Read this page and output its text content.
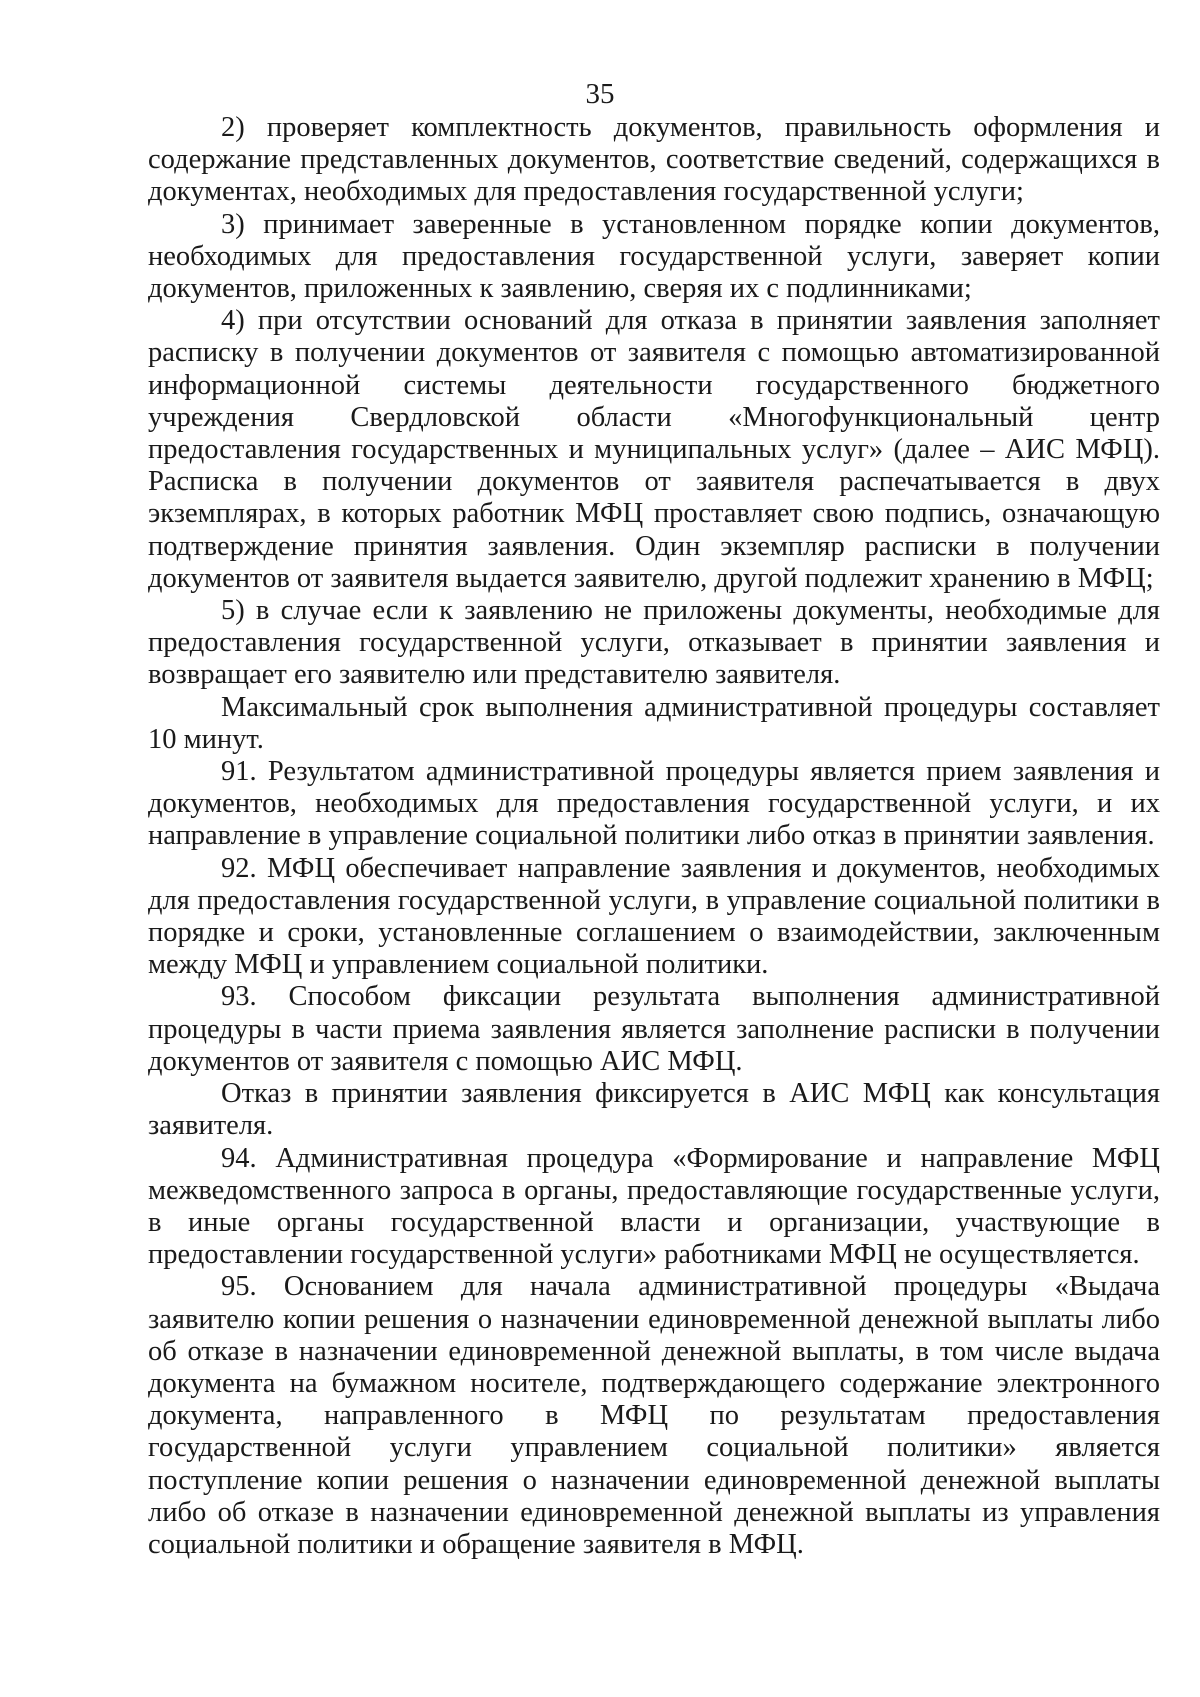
35

2) проверяет комплектность документов, правильность оформления и содержание представленных документов, соответствие сведений, содержащихся в документах, необходимых для предоставления государственной услуги;

3) принимает заверенные в установленном порядке копии документов, необходимых для предоставления государственной услуги, заверяет копии документов, приложенных к заявлению, сверяя их с подлинниками;

4) при отсутствии оснований для отказа в принятии заявления заполняет расписку в получении документов от заявителя с помощью автоматизированной информационной системы деятельности государственного бюджетного учреждения Свердловской области «Многофункциональный центр предоставления государственных и муниципальных услуг» (далее – АИС МФЦ). Расписка в получении документов от заявителя распечатывается в двух экземплярах, в которых работник МФЦ проставляет свою подпись, означающую подтверждение принятия заявления. Один экземпляр расписки в получении документов от заявителя выдается заявителю, другой подлежит хранению в МФЦ;

5) в случае если к заявлению не приложены документы, необходимые для предоставления государственной услуги, отказывает в принятии заявления и возвращает его заявителю или представителю заявителя.

Максимальный срок выполнения административной процедуры составляет 10 минут.

91. Результатом административной процедуры является прием заявления и документов, необходимых для предоставления государственной услуги, и их направление в управление социальной политики либо отказ в принятии заявления.

92. МФЦ обеспечивает направление заявления и документов, необходимых для предоставления государственной услуги, в управление социальной политики в порядке и сроки, установленные соглашением о взаимодействии, заключенным между МФЦ и управлением социальной политики.

93. Способом фиксации результата выполнения административной процедуры в части приема заявления является заполнение расписки в получении документов от заявителя с помощью АИС МФЦ.

Отказ в принятии заявления фиксируется в АИС МФЦ как консультация заявителя.

94. Административная процедура «Формирование и направление МФЦ межведомственного запроса в органы, предоставляющие государственные услуги, в иные органы государственной власти и организации, участвующие в предоставлении государственной услуги» работниками МФЦ не осуществляется.

95. Основанием для начала административной процедуры «Выдача заявителю копии решения о назначении единовременной денежной выплаты либо об отказе в назначении единовременной денежной выплаты, в том числе выдача документа на бумажном носителе, подтверждающего содержание электронного документа, направленного в МФЦ по результатам предоставления государственной услуги управлением социальной политики» является поступление копии решения о назначении единовременной денежной выплаты либо об отказе в назначении единовременной денежной выплаты из управления социальной политики и обращение заявителя в МФЦ.
